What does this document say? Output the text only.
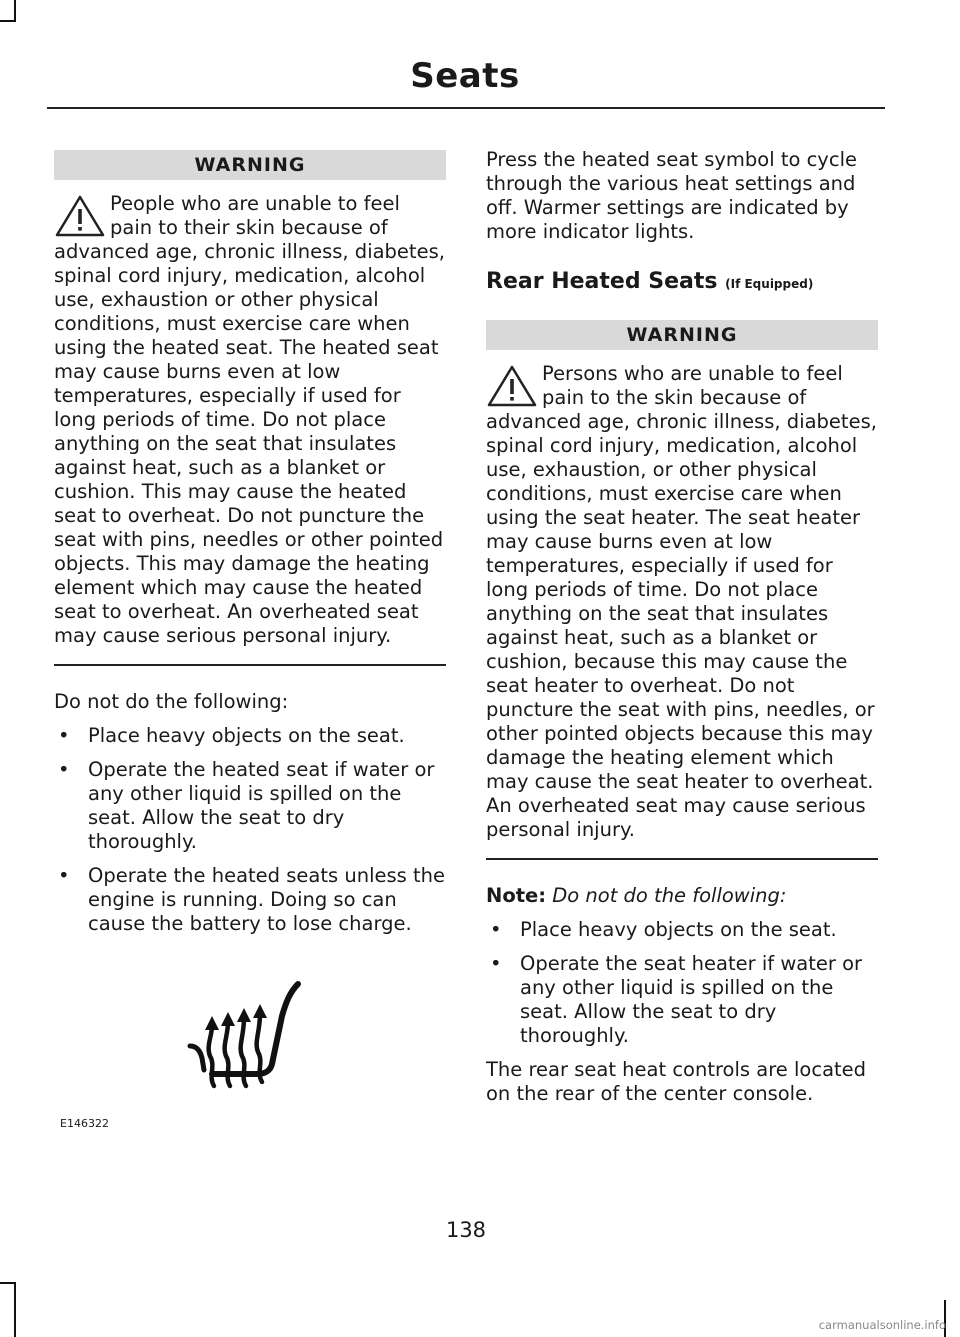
Seats
WARNING
People who are unable to feel pain to their skin because of advanced age, chronic illness, diabetes, spinal cord injury, medication, alcohol use, exhaustion or other physical conditions, must exercise care when using the heated seat. The heated seat may cause burns even at low temperatures, especially if used for long periods of time. Do not place anything on the seat that insulates against heat, such as a blanket or cushion. This may cause the heated seat to overheat. Do not puncture the seat with pins, needles or other pointed objects. This may damage the heating element which may cause the heated seat to overheat. An overheated seat may cause serious personal injury.

Do not do the following:

• Place heavy objects on the seat.
• Operate the heated seat if water or any other liquid is spilled on the seat. Allow the seat to dry thoroughly.
• Operate the heated seats unless the engine is running. Doing so can cause the battery to lose charge.
E146322

Press the heated seat symbol to cycle through the various heat settings and off. Warmer settings are indicated by more indicator lights.

Rear Heated Seats (If Equipped)
WARNING
Persons who are unable to feel pain to the skin because of advanced age, chronic illness, diabetes, spinal cord injury, medication, alcohol use, exhaustion, or other physical conditions, must exercise care when using the seat heater. The seat heater may cause burns even at low temperatures, especially if used for long periods of time. Do not place anything on the seat that insulates against heat, such as a blanket or cushion, because this may cause the seat heater to overheat. Do not puncture the seat with pins, needles, or other pointed objects because this may damage the heating element which may cause the seat heater to overheat. An overheated seat may cause serious personal injury.

Note: Do not do the following:

• Place heavy objects on the seat.
• Operate the seat heater if water or any other liquid is spilled on the seat. Allow the seat to dry thoroughly.

The rear seat heat controls are located on the rear of the center console.

138
carmanualsonline.info
